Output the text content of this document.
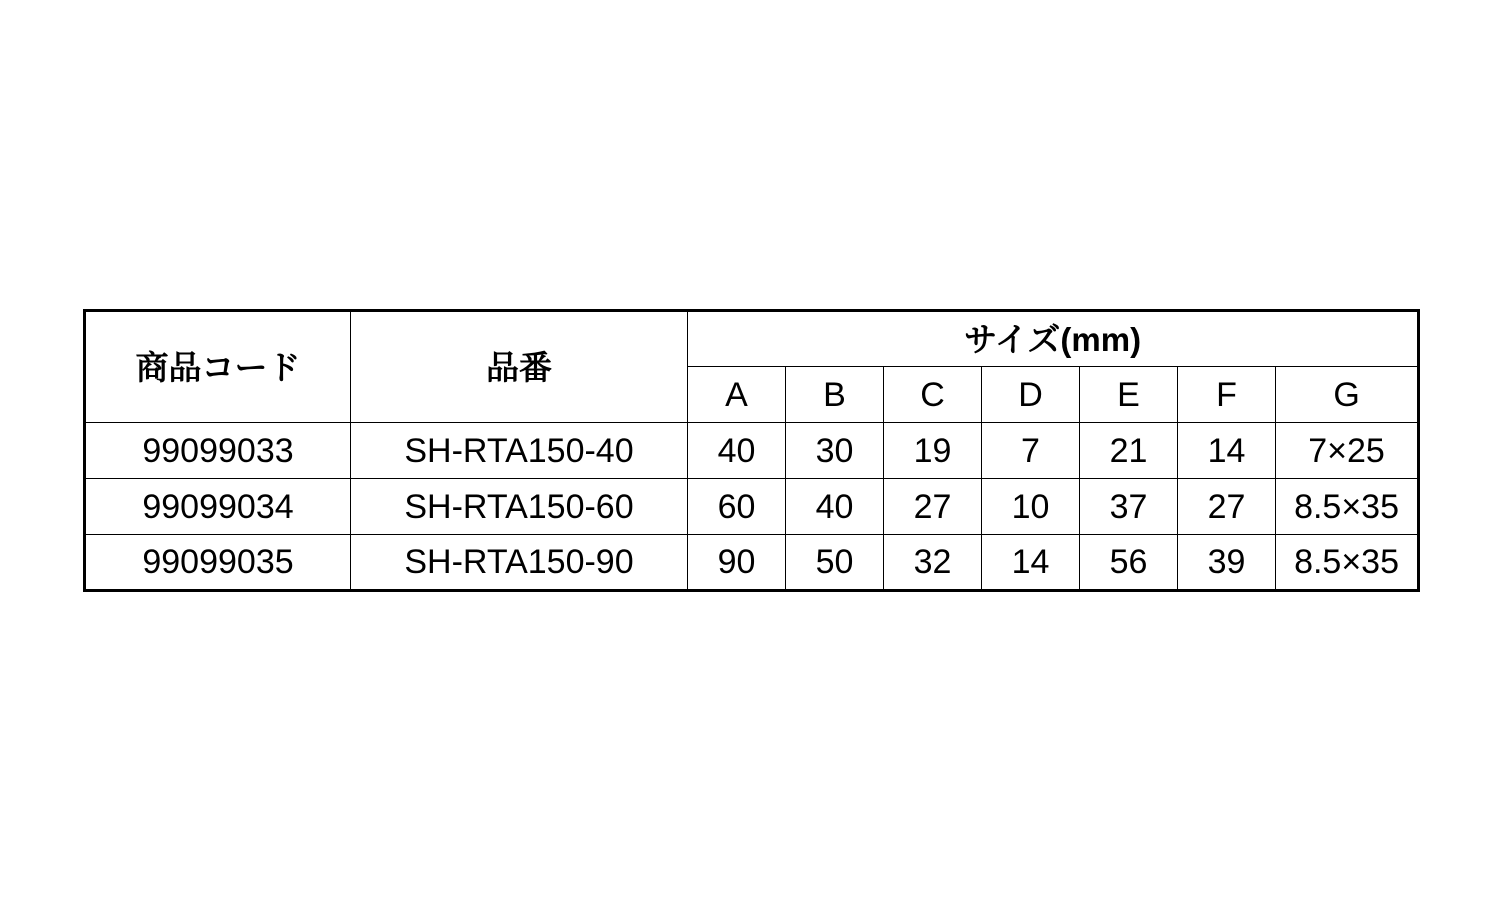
商品コード	品番	サイズ(mm)						
		A	B	C	D	E	F	G
99099033	SH-RTA150-40	40	30	19	7	21	14	7×25
99099034	SH-RTA150-60	60	40	27	10	37	27	8.5×35
99099035	SH-RTA150-90	90	50	32	14	56	39	8.5×35
